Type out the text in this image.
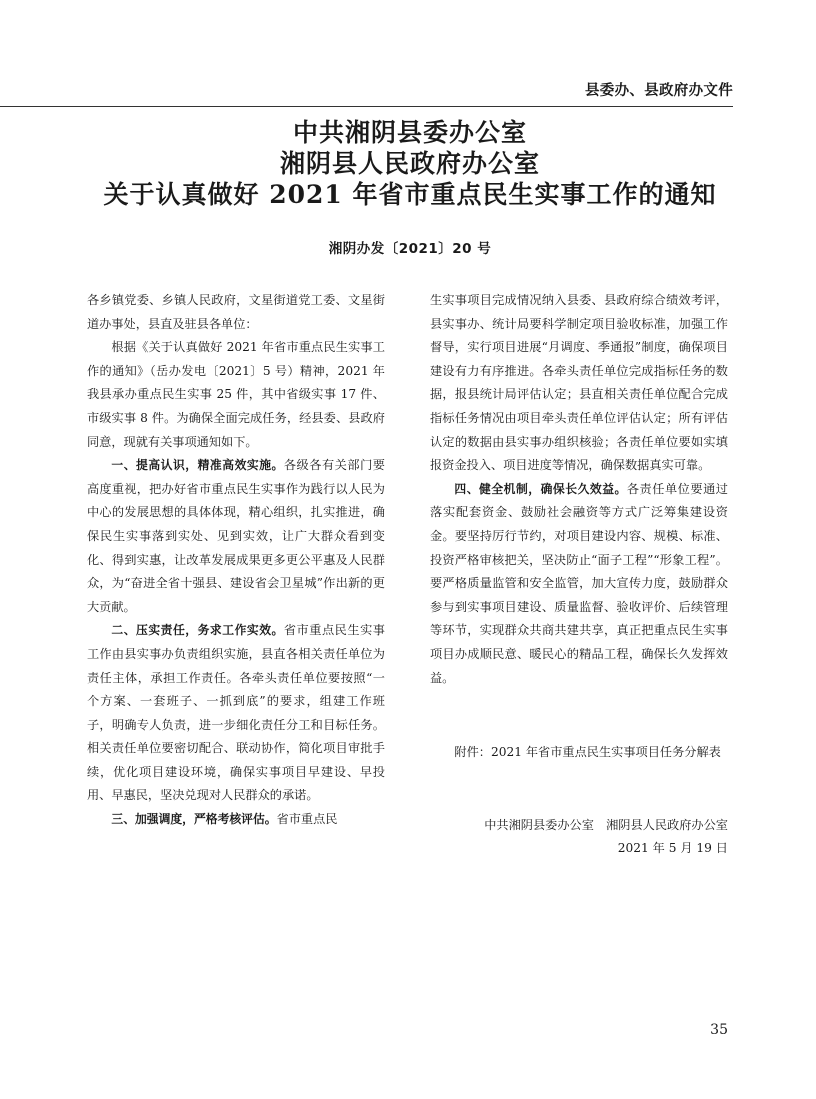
县委办、县政府办文件
中共湘阴县委办公室
湘阴县人民政府办公室
关于认真做好 2021 年省市重点民生实事工作的通知
湘阴办发〔2021〕20 号

各乡镇党委、乡镇人民政府，文星街道党工委、文星街道办事处，县直及驻县各单位：

根据《关于认真做好 2021 年省市重点民生实事工作的通知》（岳办发电〔2021〕5 号）精神，2021 年我县承办重点民生实事 25 件，其中省级实事 17 件、市级实事 8 件。为确保全面完成任务，经县委、县政府同意，现就有关事项通知如下。

一、提高认识，精准高效实施。各级各有关部门要高度重视，把办好省市重点民生实事作为践行以人民为中心的发展思想的具体体现，精心组织，扎实推进，确保民生实事落到实处、见到实效，让广大群众看到变化、得到实惠，让改革发展成果更多更公平惠及人民群众，为“奋进全省十强县、建设省会卫星城”作出新的更大贡献。

二、压实责任，务求工作实效。省市重点民生实事工作由县实事办负责组织实施，县直各相关责任单位为责任主体，承担工作责任。各牵头责任单位要按照“一个方案、一套班子、一抓到底”的要求，组建工作班子，明确专人负责，进一步细化责任分工和目标任务。相关责任单位要密切配合、联动协作，简化项目审批手续，优化项目建设环境，确保实事项目早建设、早投用、早惠民，坚决兑现对人民群众的承诺。

三、加强调度，严格考核评估。省市重点民

生实事项目完成情况纳入县委、县政府综合绩效考评，县实事办、统计局要科学制定项目验收标准，加强工作督导，实行项目进展“月调度、季通报”制度，确保项目建设有力有序推进。各牵头责任单位完成指标任务的数据，报县统计局评估认定；县直相关责任单位配合完成指标任务情况由项目牵头责任单位评估认定；所有评估认定的数据由县实事办组织核验；各责任单位要如实填报资金投入、项目进度等情况，确保数据真实可靠。

四、健全机制，确保长久效益。各责任单位要通过落实配套资金、鼓励社会融资等方式广泛筹集建设资金。要坚持厉行节约，对项目建设内容、规模、标准、投资严格审核把关，坚决防止“面子工程”“形象工程”。要严格质量监管和安全监管，加大宣传力度，鼓励群众参与到实事项目建设、质量监督、验收评价、后续管理等环节，实现群众共商共建共享，真正把重点民生实事项目办成顺民意、暖民心的精品工程，确保长久发挥效益。

附件：2021 年省市重点民生实事项目任务分解表
中共湘阴县委办公室　湘阴县人民政府办公室
2021 年 5 月 19 日
35
